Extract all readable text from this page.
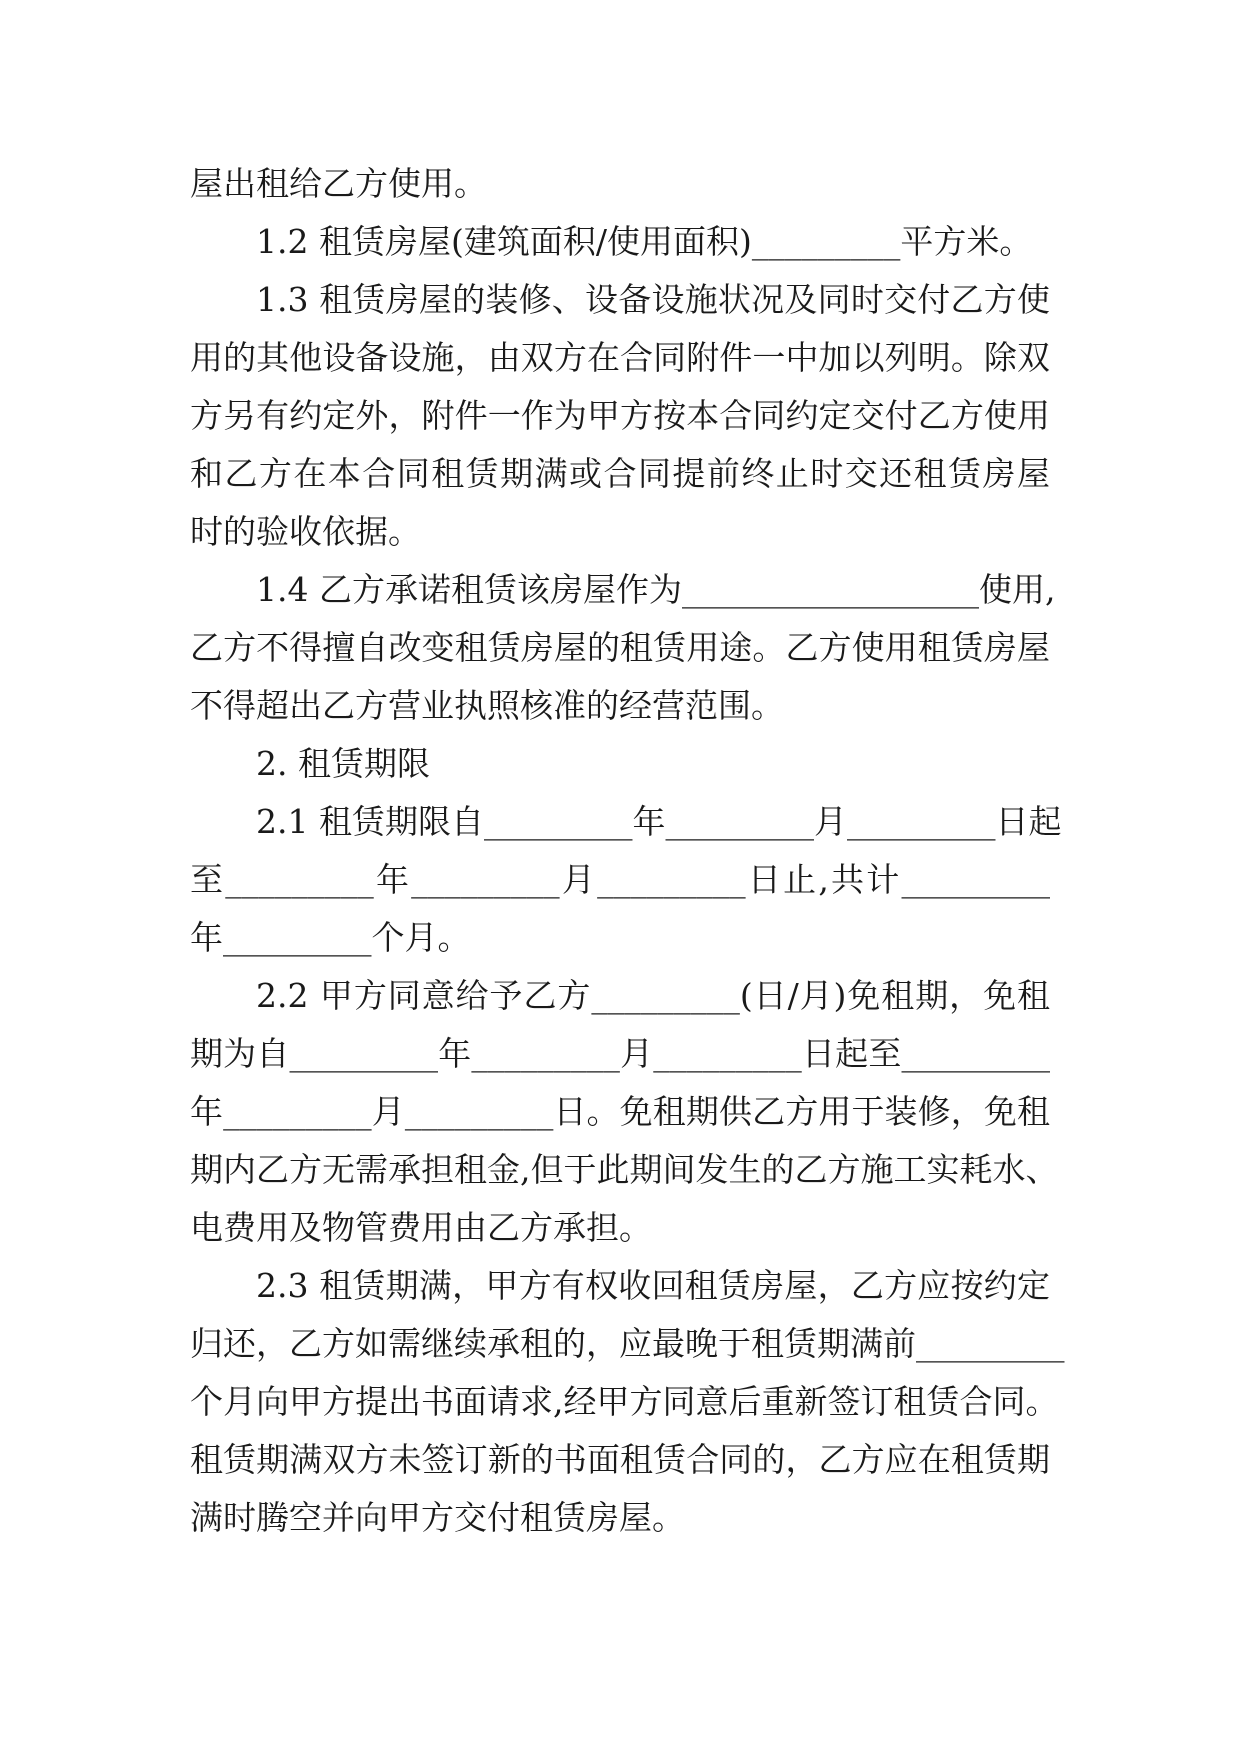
屋出租给乙方使用。
1.2 租赁房屋(建筑面积/使用面积)_________平方米。
1.3 租赁房屋的装修、设备设施状况及同时交付乙方使
用的其他设备设施，由双方在合同附件一中加以列明。除双
方另有约定外，附件一作为甲方按本合同约定交付乙方使用
和乙方在本合同租赁期满或合同提前终止时交还租赁房屋
时的验收依据。
1.4 乙方承诺租赁该房屋作为__________________使用,
乙方不得擅自改变租赁房屋的租赁用途。乙方使用租赁房屋
不得超出乙方营业执照核准的经营范围。
2. 租赁期限
2.1 租赁期限自_________年_________月_________日起
至_________年_________月_________日止,共计_________
年_________个月。
2.2 甲方同意给予乙方_________(日/月)免租期，免租
期为自_________年_________月_________日起至_________
年_________月_________日。免租期供乙方用于装修，免租
期内乙方无需承担租金,但于此期间发生的乙方施工实耗水、
电费用及物管费用由乙方承担。
2.3 租赁期满，甲方有权收回租赁房屋，乙方应按约定
归还，乙方如需继续承租的，应最晚于租赁期满前_________
个月向甲方提出书面请求,经甲方同意后重新签订租赁合同。
租赁期满双方未签订新的书面租赁合同的，乙方应在租赁期
满时腾空并向甲方交付租赁房屋。
